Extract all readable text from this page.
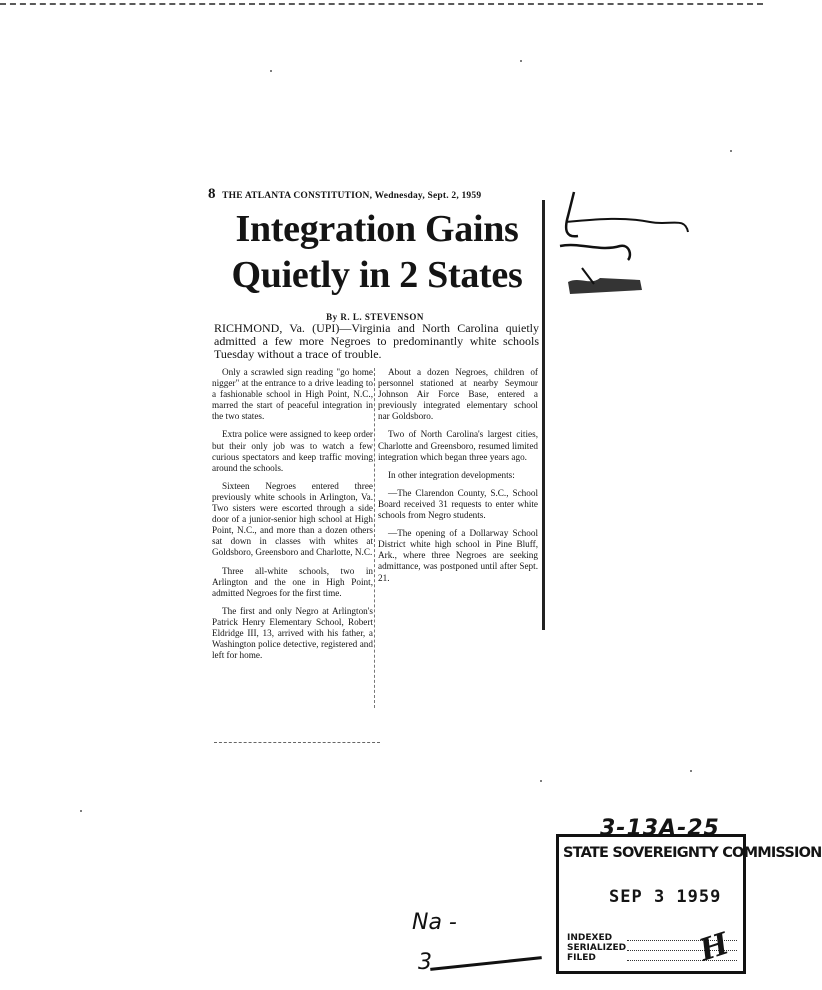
8 THE ATLANTA CONSTITUTION, Wednesday, Sept. 2, 1959
Integration Gains
Quietly in 2 States
By R. L. STEVENSON
RICHMOND, Va. (UPI)—Virginia and North Carolina quietly admitted a few more Negroes to predominantly white schools Tuesday without a trace of trouble.

Only a scrawled sign reading "go home nigger" at the entrance to a drive leading to a fashionable school in High Point, N.C., marred the start of peaceful integration in the two states.

Extra police were assigned to keep order but their only job was to watch a few curious spectators and keep traffic moving around the schools.

Sixteen Negroes entered three previously white schools in Arlington, Va. Two sisters were escorted through a side door of a junior-senior high school at High Point, N.C., and more than a dozen others sat down in classes with whites at Goldsboro, Greensboro and Charlotte, N.C.

Three all-white schools, two in Arlington and the one in High Point, admitted Negroes for the first time.

The first and only Negro at Arlington's Patrick Henry Elementary School, Robert Eldridge III, 13, arrived with his father, a Washington police detective, registered and left for home.

About a dozen Negroes, children of personnel stationed at nearby Seymour Johnson Air Force Base, entered a previously integrated elementary school nar Goldsboro.

Two of North Carolina's largest cities, Charlotte and Greensboro, resumed limited integration which began three years ago.

In other integration developments:

—The Clarendon County, S.C., School Board received 31 requests to enter white schools from Negro students.

—The opening of a Dollarway School District white high school in Pine Bluff, Ark., where three Negroes are seeking admittance, was postponed until after Sept. 21.

Na -
3
3-13A-25
STATE SOVEREIGNTY COMMISSION
SEP 3 1959
INDEXED
SERIALIZED
FILED	H
